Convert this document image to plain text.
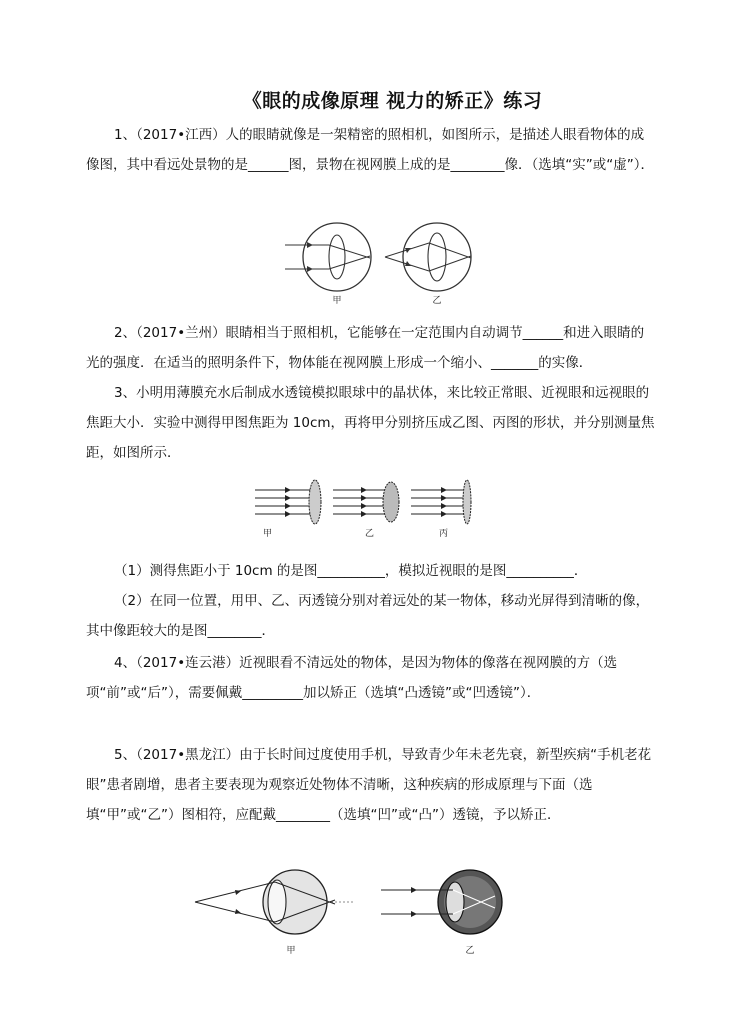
《眼的成像原理 视力的矫正》练习
1、（2017•江西）人的眼睛就像是一架精密的照相机，如图所示，是描述人眼看物体的成像图，其中看远处景物的是______图，景物在视网膜上成的是________像．（选填“实”或“虚”）．
甲	乙
2、（2017•兰州）眼睛相当于照相机，它能够在一定范围内自动调节______和进入眼睛的光的强度．在适当的照明条件下，物体能在视网膜上形成一个缩小、_______的实像．
3、小明用薄膜充水后制成水透镜模拟眼球中的晶状体，来比较正常眼、近视眼和远视眼的焦距大小．实验中测得甲图焦距为 10cm，再将甲分别挤压成乙图、丙图的形状，并分别测量焦距，如图所示．
甲	乙	丙
（1）测得焦距小于 10cm 的是图__________，模拟近视眼的是图__________．
（2）在同一位置，用甲、乙、丙透镜分别对着远处的某一物体，移动光屏得到清晰的像，其中像距较大的是图________．
4、（2017•连云港）近视眼看不清远处的物体，是因为物体的像落在视网膜的方（选项“前”或“后”），需要佩戴_________加以矫正（选填“凸透镜”或“凹透镜”）．
5、（2017•黑龙江）由于长时间过度使用手机，导致青少年未老先衰，新型疾病“手机老花眼”患者剧增，患者主要表现为观察近处物体不清晰，这种疾病的形成原理与下面（选填“甲”或“乙”）图相符，应配戴________（选填“凹”或“凸”）透镜，予以矫正．
甲	乙
